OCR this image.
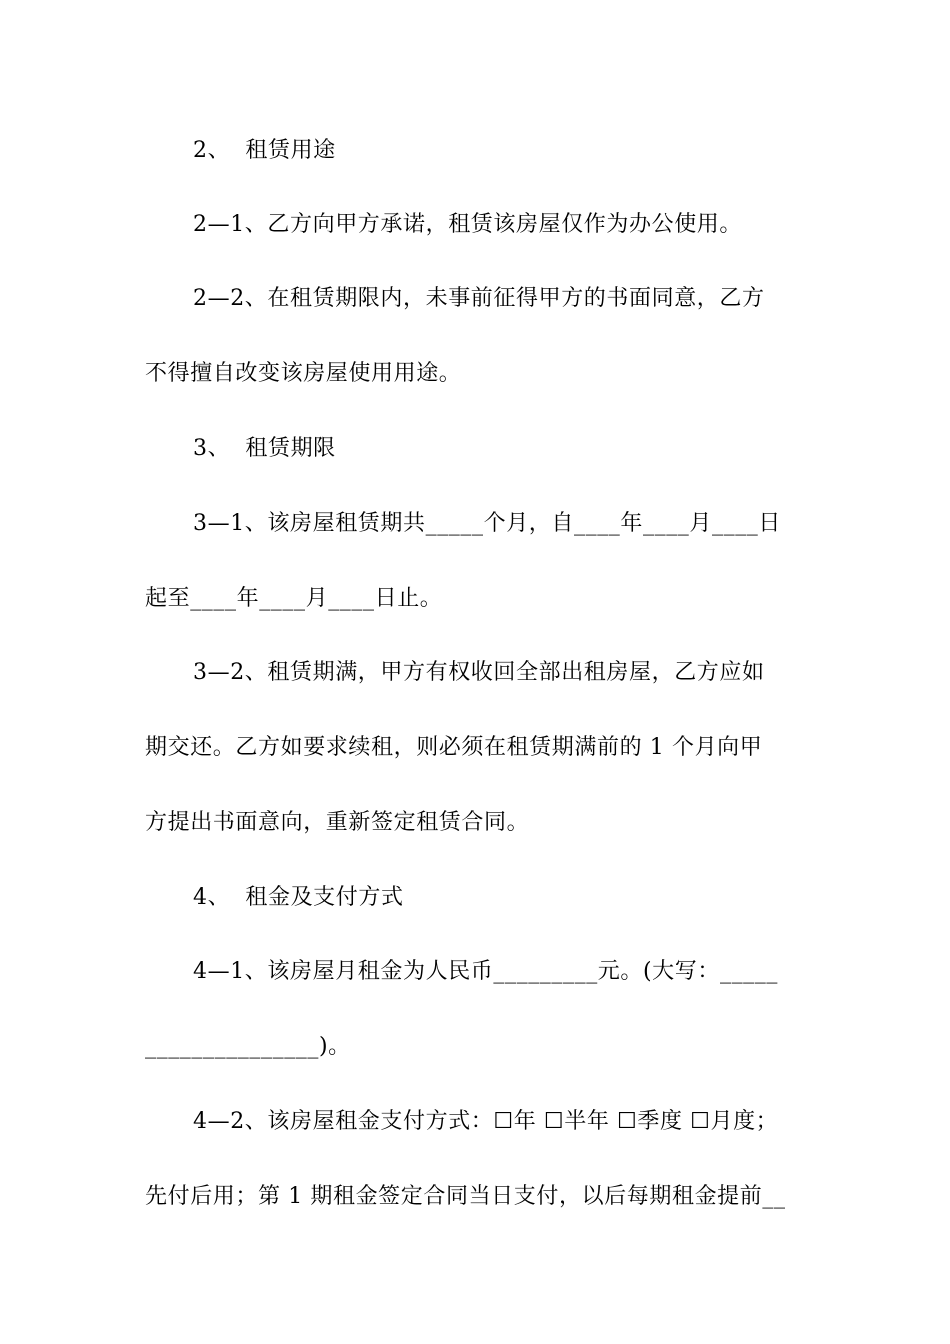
2、  租赁用途
2—1、乙方向甲方承诺，租赁该房屋仅作为办公使用。
2—2、在租赁期限内，未事前征得甲方的书面同意，乙方
不得擅自改变该房屋使用用途。
3、  租赁期限
3—1、该房屋租赁期共_____个月，自____年____月____日
起至____年____月____日止。
3—2、租赁期满，甲方有权收回全部出租房屋，乙方应如
期交还。乙方如要求续租，则必须在租赁期满前的 1 个月向甲
方提出书面意向，重新签定租赁合同。
4、  租金及支付方式
4—1、该房屋月租金为人民币_________元。(大写：_____
_______________)。
4—2、该房屋租金支付方式：☐年 ☐半年 ☐季度 ☐月度；
先付后用；第 1 期租金签定合同当日支付，以后每期租金提前__
